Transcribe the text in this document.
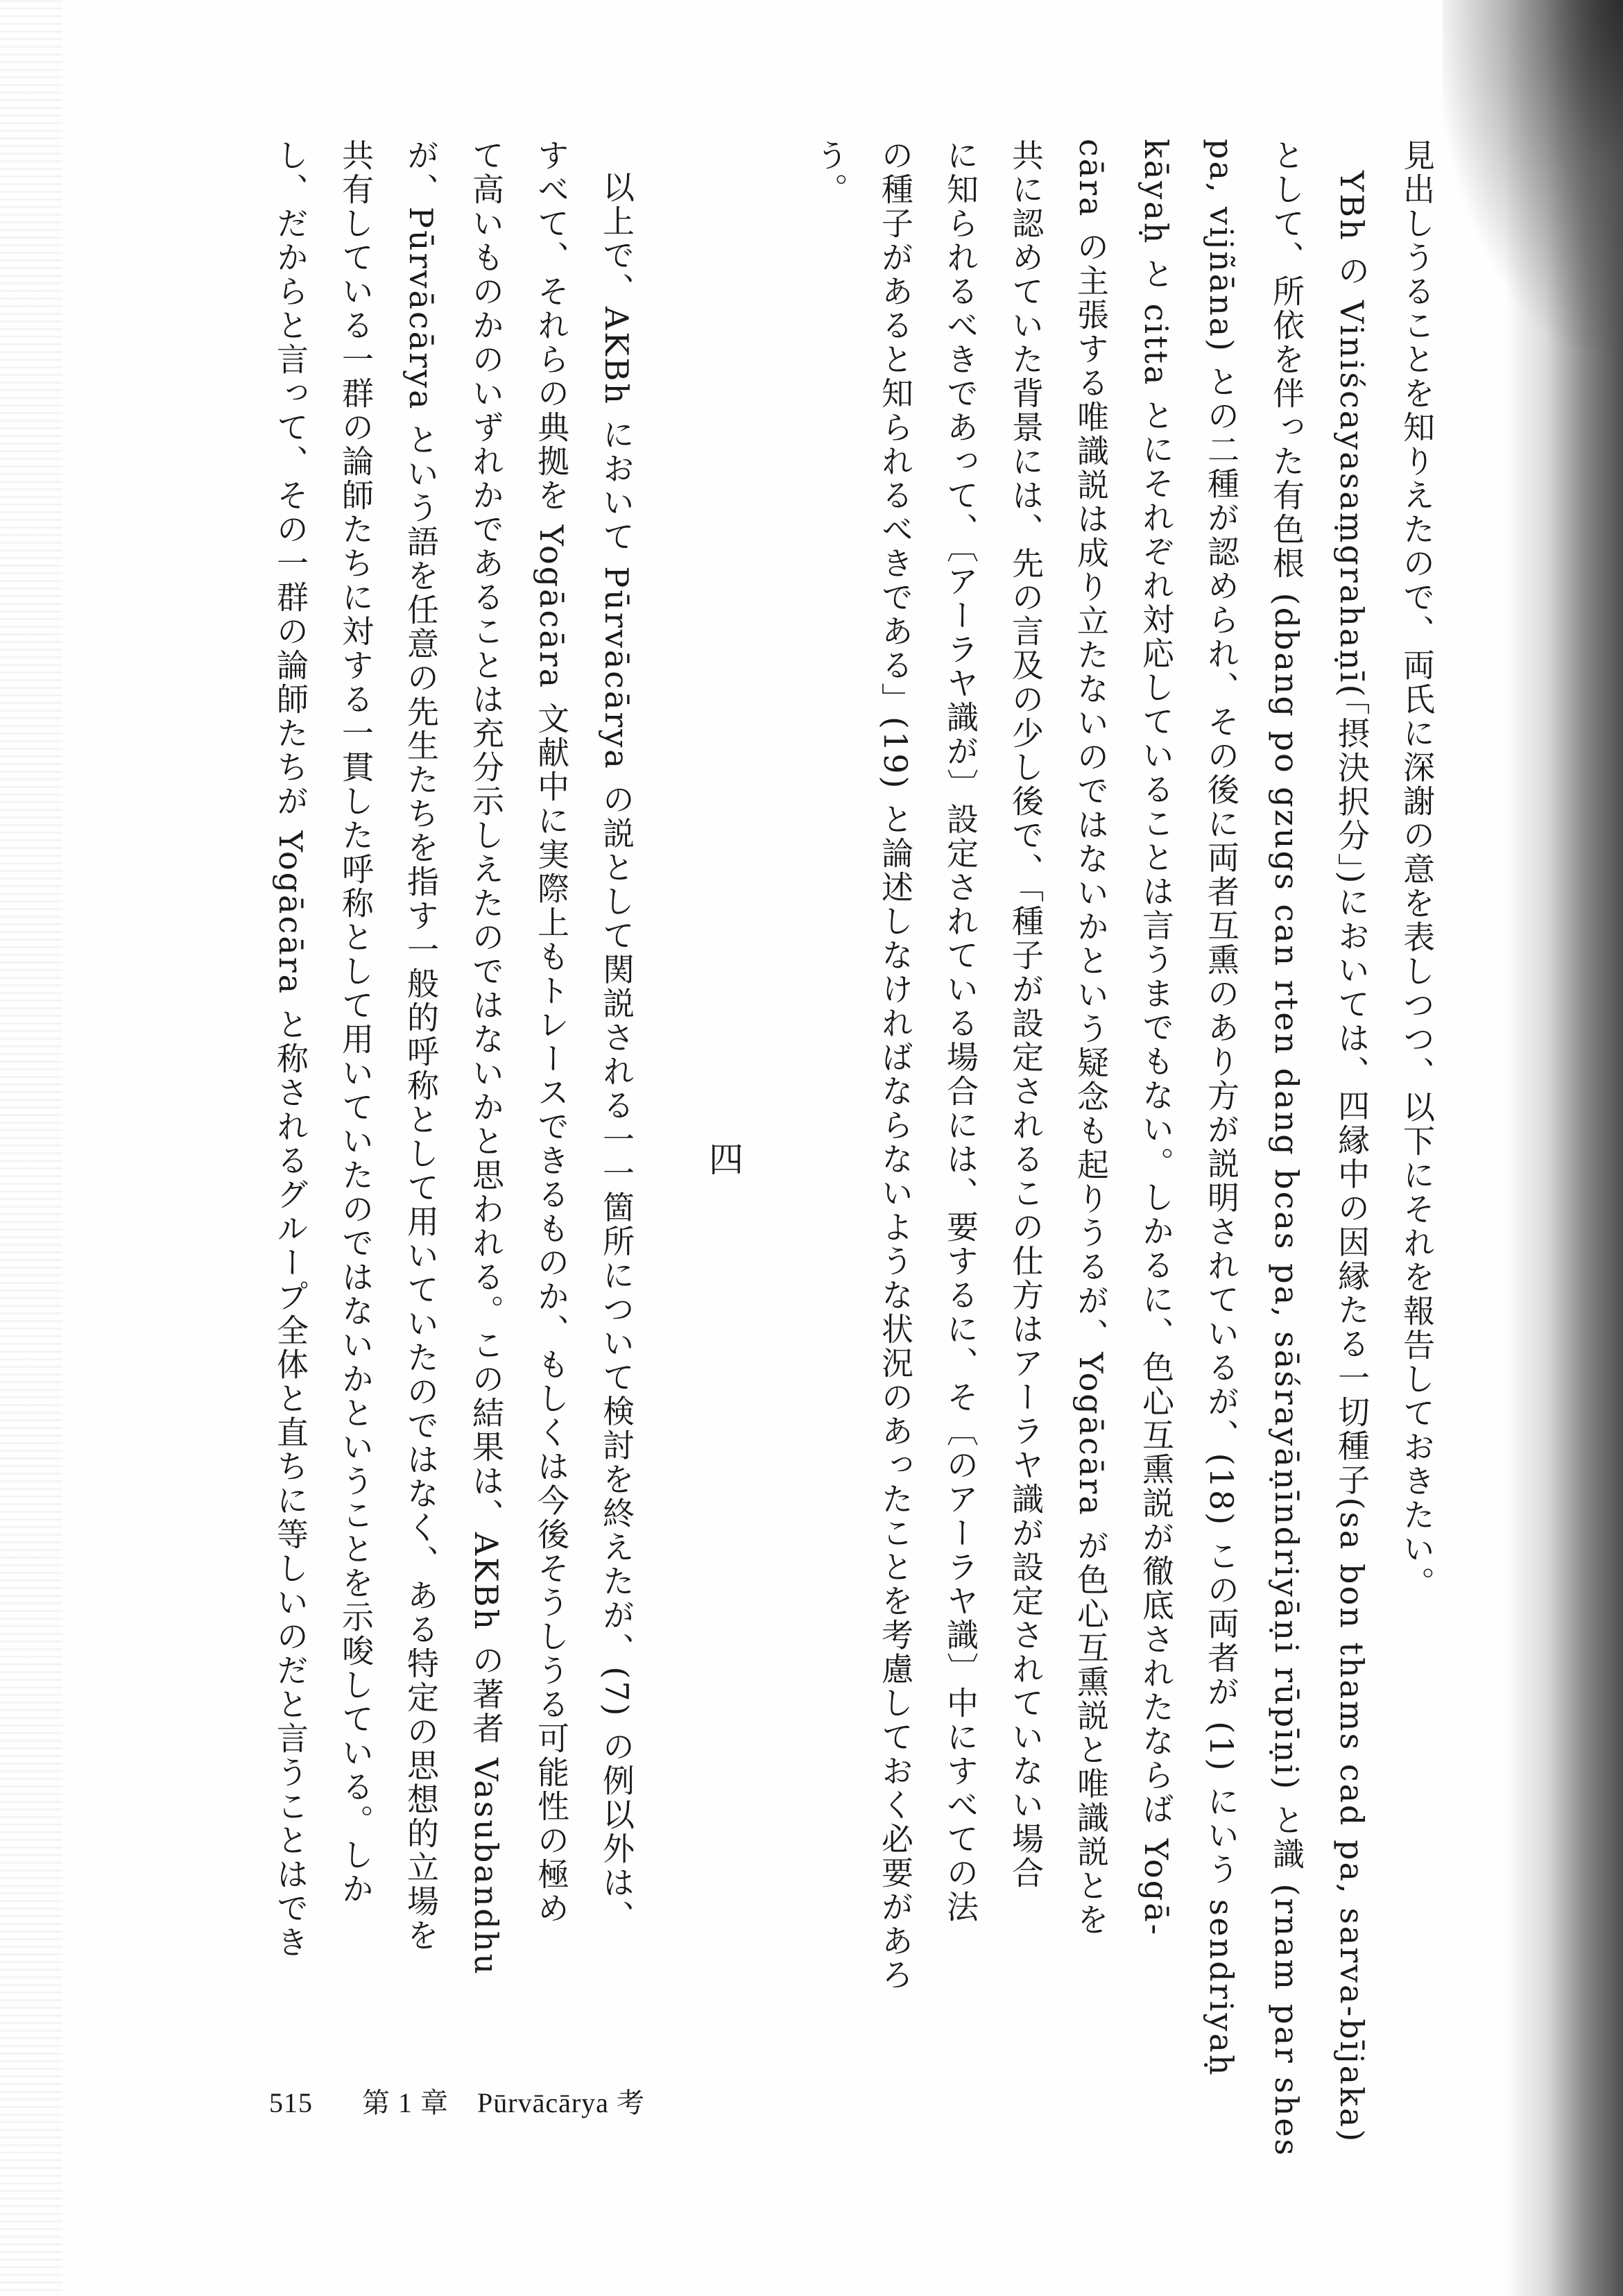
見出しうることを知りえたので、両氏に深謝の意を表しつつ、以下にそれを報告しておきたい。
YBh の Viniścayasaṃgrahaṇī(「摂決択分」)においては、四縁中の因縁たる一切種子(sa bon thams cad pa, sarva-bījaka)
として、所依を伴った有色根 (dbang po gzugs can rten dang bcas pa, sāśrayāṇīndriyāṇi rūpīṇi) と識 (rnam par shes
pa, vijñāna) との二種が認められ、その後に両者互熏のあり方が説明されているが、(18) この両者が (1) にいう sendriyaḥ
kāyaḥ と citta とにそれぞれ対応していることは言うまでもない。しかるに、色心互熏説が徹底されたならば Yogā-
cāra の主張する唯識説は成り立たないのではないかという疑念も起りうるが、Yogācāra が色心互熏説と唯識説とを
共に認めていた背景には、先の言及の少し後で、「種子が設定されるこの仕方はアーラヤ識が設定されていない場合
に知られるべきであって、〔アーラヤ識が〕設定されている場合には、要するに、そ〔のアーラヤ識〕中にすべての法
の種子があると知られるべきである」(19) と論述しなければならないような状況のあったことを考慮しておく必要があろ
う。
四
以上で、AKBh において Pūrvācārya の説として関説される一一箇所について検討を終えたが、(7) の例以外は、
すべて、それらの典拠を Yogācāra 文献中に実際上もトレースできるものか、もしくは今後そうしうる可能性の極め
て高いものかのいずれかであることは充分示しえたのではないかと思われる。この結果は、AKBh の著者 Vasubandhu
が、Pūrvācārya という語を任意の先生たちを指す一般的呼称として用いていたのではなく、ある特定の思想的立場を
共有している一群の論師たちに対する一貫した呼称として用いていたのではないかということを示唆している。しか
し、だからと言って、その一群の論師たちが Yogācāra と称されるグループ全体と直ちに等しいのだと言うことはでき
515 第 1 章　Pūrvācārya 考
